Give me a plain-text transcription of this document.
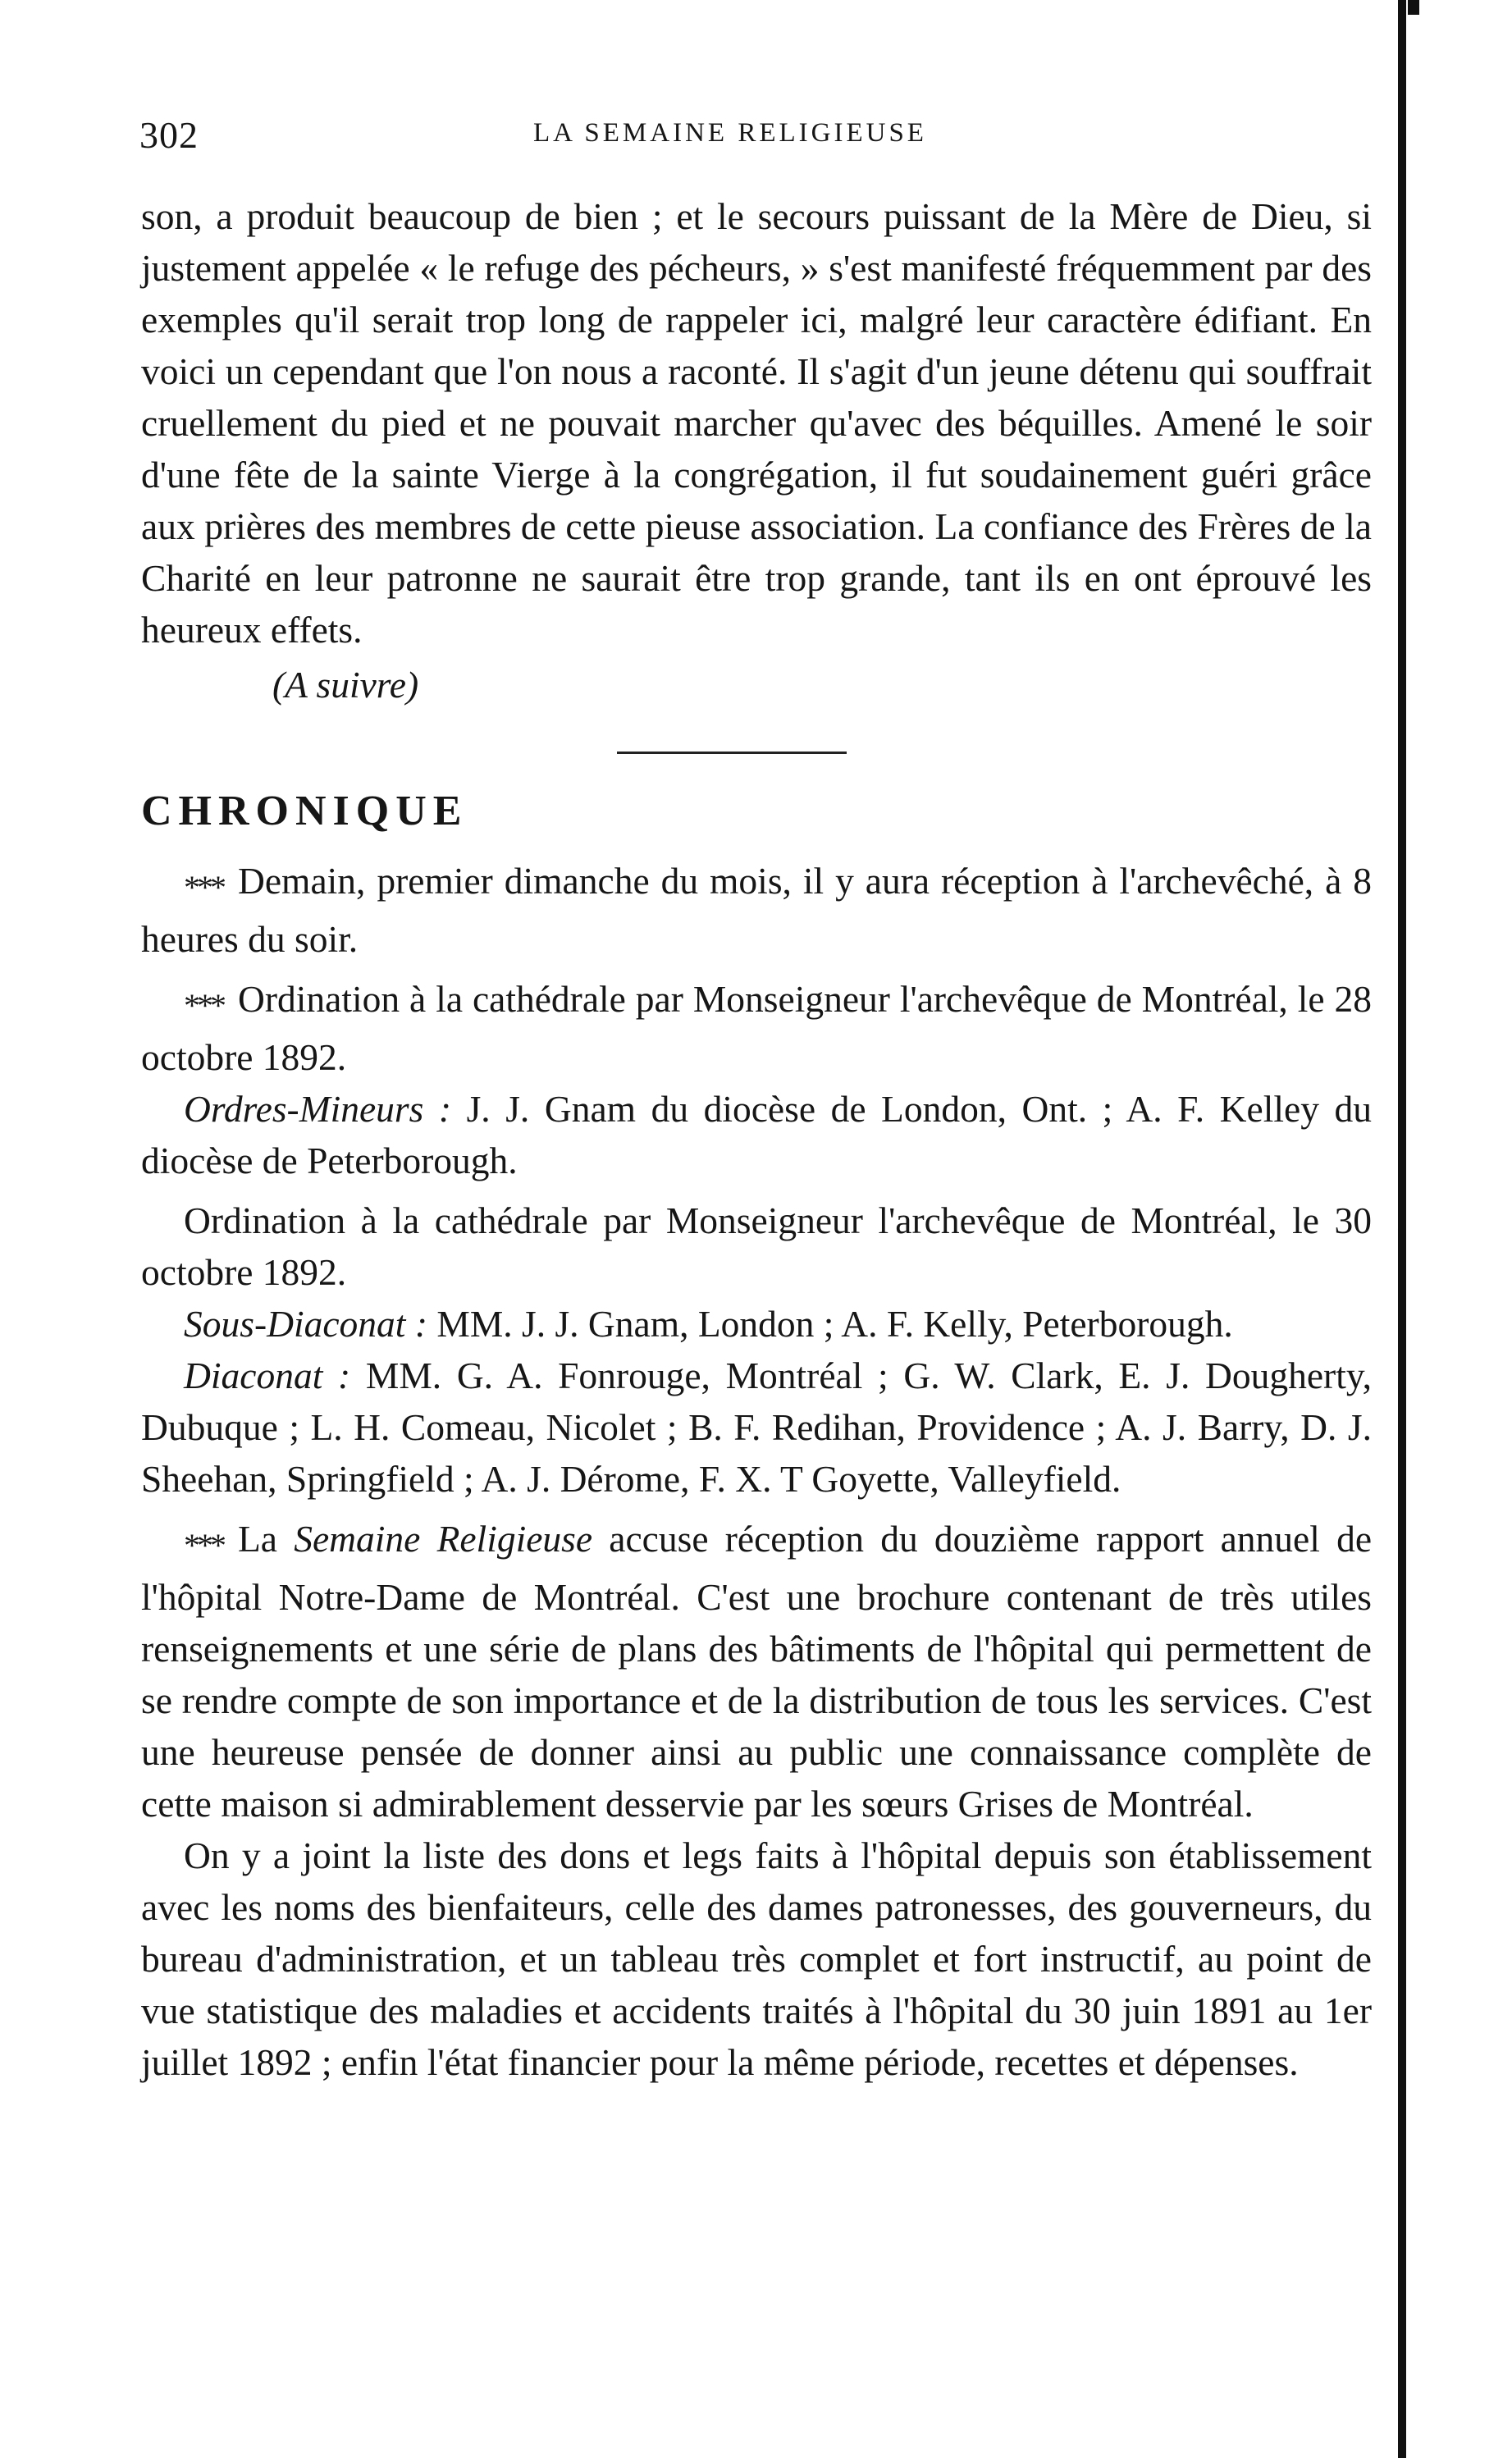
302	LA SEMAINE RELIGIEUSE

son, a produit beaucoup de bien ; et le secours puissant de la Mère de Dieu, si justement appelée « le refuge des pécheurs, » s'est manifesté fréquemment par des exemples qu'il serait trop long de rappeler ici, malgré leur caractère édifiant. En voici un cependant que l'on nous a raconté. Il s'agit d'un jeune détenu qui souffrait cruellement du pied et ne pouvait marcher qu'avec des béquilles. Amené le soir d'une fête de la sainte Vierge à la congrégation, il fut soudainement guéri grâce aux prières des membres de cette pieuse association. La confiance des Frères de la Charité en leur patronne ne saurait être trop grande, tant ils en ont éprouvé les heureux effets.

(A suivre)

CHRONIQUE

*** Demain, premier dimanche du mois, il y aura réception à l'archevêché, à 8 heures du soir.

*** Ordination à la cathédrale par Monseigneur l'archevêque de Montréal, le 28 octobre 1892.

Ordres-Mineurs : J. J. Gnam du diocèse de London, Ont. ; A. F. Kelley du diocèse de Peterborough.

Ordination à la cathédrale par Monseigneur l'archevêque de Montréal, le 30 octobre 1892.

Sous-Diaconat : MM. J. J. Gnam, London ; A. F. Kelly, Peterborough.

Diaconat : MM. G. A. Fonrouge, Montréal ; G. W. Clark, E. J. Dougherty, Dubuque ; L. H. Comeau, Nicolet ; B. F. Redihan, Providence ; A. J. Barry, D. J. Sheehan, Springfield ; A. J. Dérome, F. X. T Goyette, Valleyfield.

*** La Semaine Religieuse accuse réception du douzième rapport annuel de l'hôpital Notre-Dame de Montréal. C'est une brochure contenant de très utiles renseignements et une série de plans des bâtiments de l'hôpital qui permettent de se rendre compte de son importance et de la distribution de tous les services. C'est une heureuse pensée de donner ainsi au public une connaissance complète de cette maison si admirablement desservie par les sœurs Grises de Montréal.

On y a joint la liste des dons et legs faits à l'hôpital depuis son établissement avec les noms des bienfaiteurs, celle des dames patronesses, des gouverneurs, du bureau d'administration, et un tableau très complet et fort instructif, au point de vue statistique des maladies et accidents traités à l'hôpital du 30 juin 1891 au 1er juillet 1892 ; enfin l'état financier pour la même période, recettes et dépenses.
